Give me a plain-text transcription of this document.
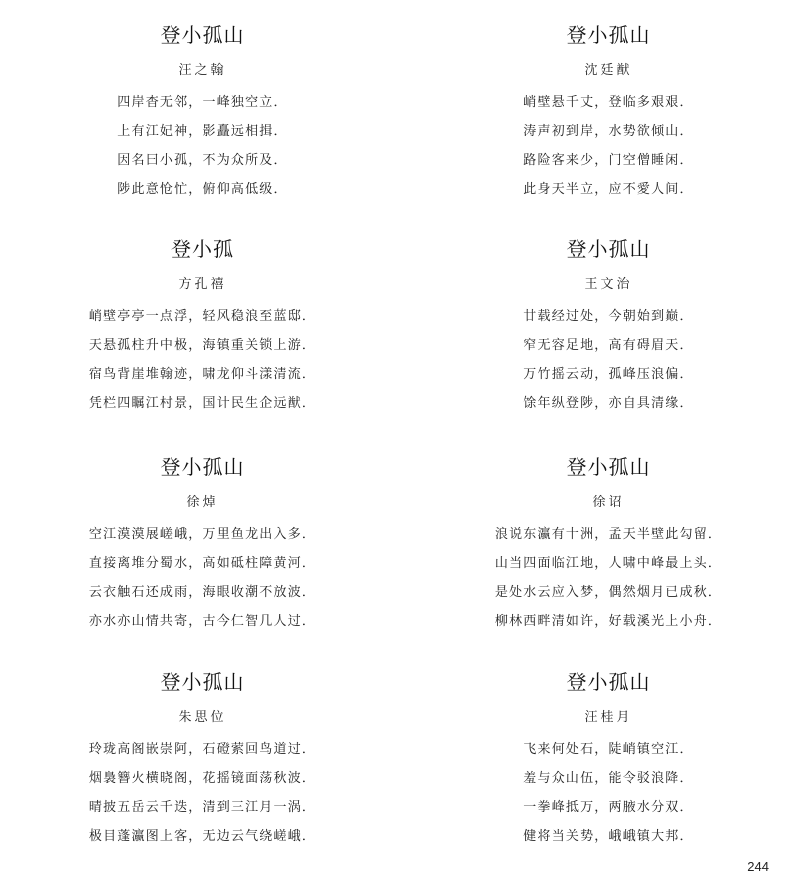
登小孤山
汪之翰
四岸杳无邻，一峰独空立．
上有江妃神，影矗远相揖．
因名曰小孤，不为众所及．
陟此意怆忙，俯仰高低级．
登小孤山
沈廷猷
峭壁悬千丈，登临多艰艰．
涛声初到岸，水势欲倾山．
路险客来少，门空僧睡闲．
此身天半立，应不愛人间．
登小孤
方孔禧
峭壁亭亭一点浮，轻风稳浪至蓝邸．
天悬孤柱升中极，海镇重关锁上游．
宿鸟背崖堆翰迹，啸龙仰斗漾清流．
凭栏四瞩江村景，国计民生企远猷．
登小孤山
王文治
廿载经过处，今朝始到巅．
窄无容足地，高有碍眉天．
万竹摇云动，孤峰压浪偏．
馀年纵登陟，亦自具清缘．
登小孤山
徐焯
空江漠漠展嵯峨，万里鱼龙出入多．
直接离堆分蜀水，高如砥柱障黄河．
云衣触石还成雨，海眼收潮不放波．
亦水亦山情共寄，古今仁智几人过．
登小孤山
徐诏
浪说东瀛有十洲，孟天半壁此勾留．
山当四面临江地，人啸中峰最上头．
是处水云应入梦，偶然烟月已成秋．
柳林西畔清如许，好载溪光上小舟．
登小孤山
朱思位
玲珑高阁嵌崇阿，石磴萦回鸟道过．
烟裊簪火横晓阁，花摇镜面荡秋波．
晴披五岳云千迭，清到三江月一涡．
极目蓬瀛图上客，无边云气绕嵯峨．
登小孤山
汪桂月
飞来何处石，陡峭镇空江．
羞与众山伍，能令驳浪降．
一拳峰抵万，两腋水分双．
健将当关势，峨峨镇大邦．
244
